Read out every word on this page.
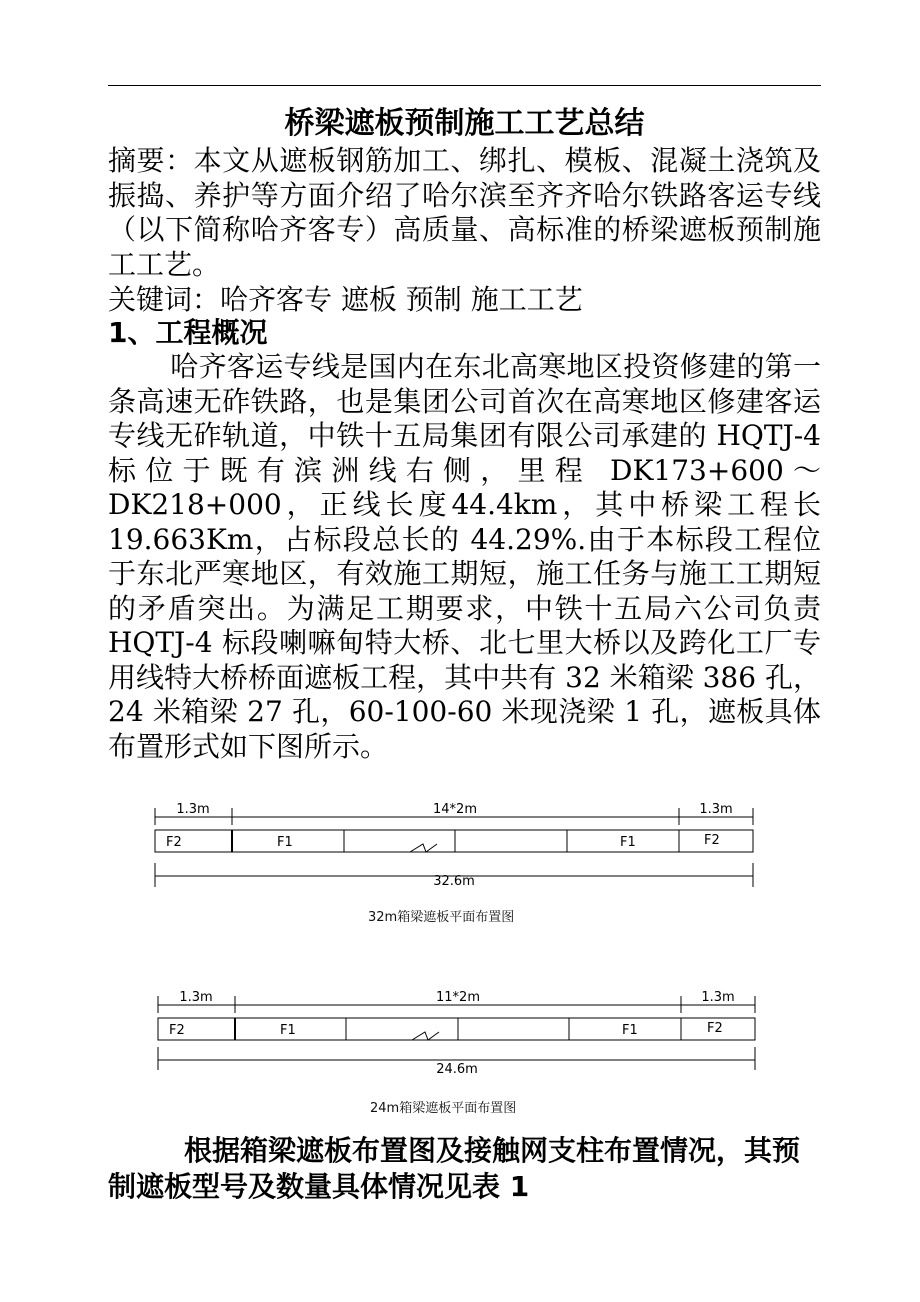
桥梁遮板预制施工工艺总结
摘要：本文从遮板钢筋加工、绑扎、模板、混凝土浇筑及振捣、养护等方面介绍了哈尔滨至齐齐哈尔铁路客运专线（以下简称哈齐客专）高质量、高标准的桥梁遮板预制施工工艺。
关键词：哈齐客专 遮板 预制 施工工艺
1、工程概况
哈齐客运专线是国内在东北高寒地区投资修建的第一条高速无砟铁路，也是集团公司首次在高寒地区修建客运专线无砟轨道，中铁十五局集团有限公司承建的 HQTJ-4 标位于既有滨洲线右侧，里程 DK173+600～DK218+000，正线长度44.4km，其中桥梁工程长 19.663Km，占标段总长的 44.29%.由于本标段工程位于东北严寒地区，有效施工期短，施工任务与施工工期短的矛盾突出。为满足工期要求，中铁十五局六公司负责HQTJ-4 标段喇嘛甸特大桥、北七里大桥以及跨化工厂专用线特大桥桥面遮板工程，其中共有 32 米箱梁 386 孔，24 米箱梁 27 孔，60-100-60 米现浇梁 1 孔，遮板具体布置形式如下图所示。
1.3m	14*2m	1.3m
F2	F1	F1	F2
32.6m
32m箱梁遮板平面布置图
1.3m	11*2m	1.3m
F2	F1	F1	F2
24.6m
24m箱梁遮板平面布置图
根据箱梁遮板布置图及接触网支柱布置情况，其预制遮板型号及数量具体情况见表 1
